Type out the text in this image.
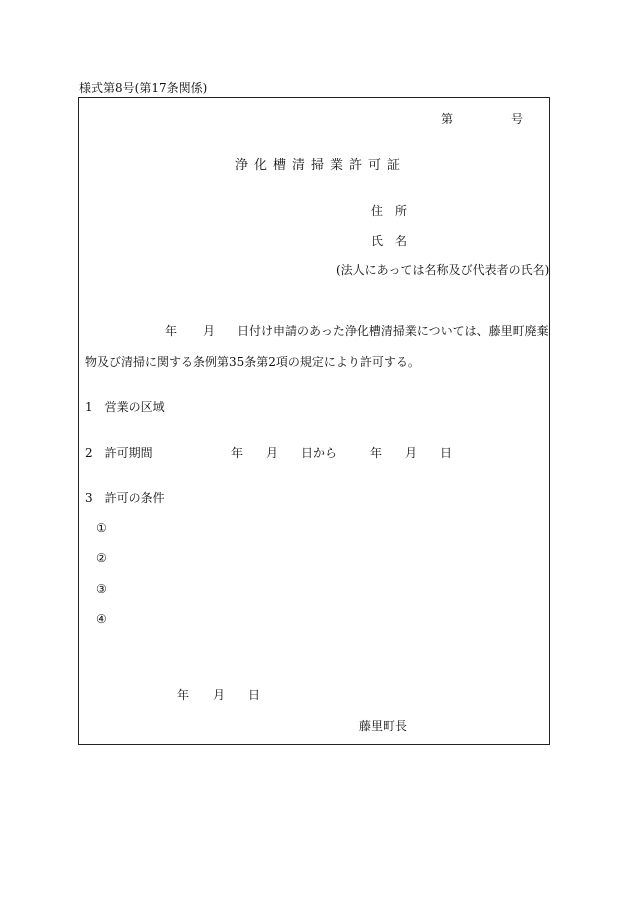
様式第8号(第17条関係)
第	号
浄化槽清掃業許可証
住　所
氏　名
(法人にあっては名称及び代表者の氏名)
年 月 日付け申請のあった浄化槽清掃業については、藤里町廃棄
物及び清掃に関する条例第35条第2項の規定により許可する。
1　営業の区域
2　許可期間	年 月 日から	年 月 日
3　許可の条件
①
②
③
④
年 月 日
藤里町長
